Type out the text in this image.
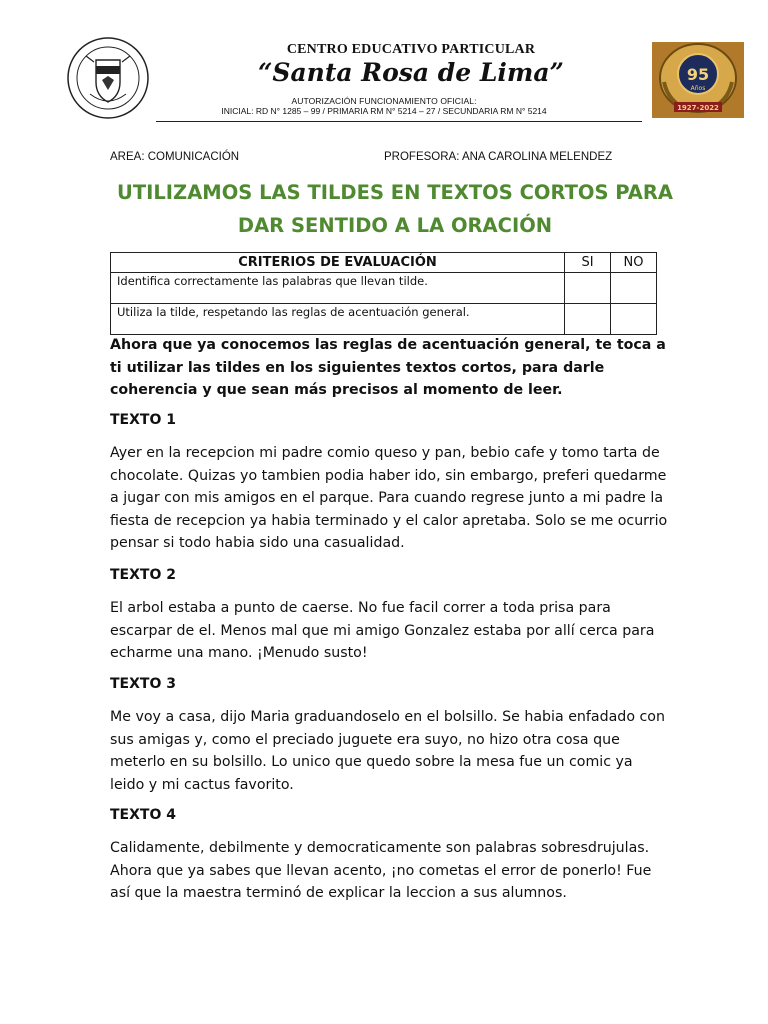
95
Años
1927-2022
CENTRO EDUCATIVO PARTICULAR
“Santa Rosa de Lima”
AUTORIZACIÓN FUNCIONAMIENTO OFICIAL:
INICIAL: RD N° 1285 – 99 / PRIMARIA RM N° 5214 – 27 / SECUNDARIA RM N° 5214
AREA: COMUNICACIÓN	PROFESORA: ANA CAROLINA MELENDEZ
UTILIZAMOS LAS TILDES EN TEXTOS CORTOS PARA
DAR SENTIDO A LA ORACIÓN
CRITERIOS DE EVALUACIÓN	SI	NO
Identifica correctamente las palabras que llevan tilde.		
Utiliza la tilde, respetando las reglas de acentuación general.		
Ahora que ya conocemos las reglas de acentuación general, te toca a ti utilizar las tildes en los siguientes textos cortos, para darle coherencia y que sean más precisos al momento de leer.
TEXTO 1
Ayer en la recepcion mi padre comio queso y pan, bebio cafe y tomo tarta de chocolate. Quizas yo tambien podia haber ido, sin embargo, preferi quedarme a jugar con mis amigos en el parque. Para cuando regrese junto a mi padre la fiesta de recepcion ya habia terminado y el calor apretaba. Solo se me ocurrio pensar si todo habia sido una casualidad.
TEXTO 2
El arbol estaba a punto de caerse. No fue facil correr a toda prisa para escarpar de el. Menos mal que mi amigo Gonzalez estaba por allí cerca para echarme una mano. ¡Menudo susto!
TEXTO 3
Me voy a casa, dijo Maria graduandoselo en el bolsillo. Se habia enfadado con sus amigas y, como el preciado juguete era suyo, no hizo otra cosa que meterlo en su bolsillo. Lo unico que quedo sobre la mesa fue un comic ya leido y mi cactus favorito.
TEXTO 4
Calidamente, debilmente y democraticamente son palabras sobresdrujulas. Ahora que ya sabes que llevan acento, ¡no cometas el error de ponerlo! Fue así que la maestra terminó de explicar la leccion a sus alumnos.
